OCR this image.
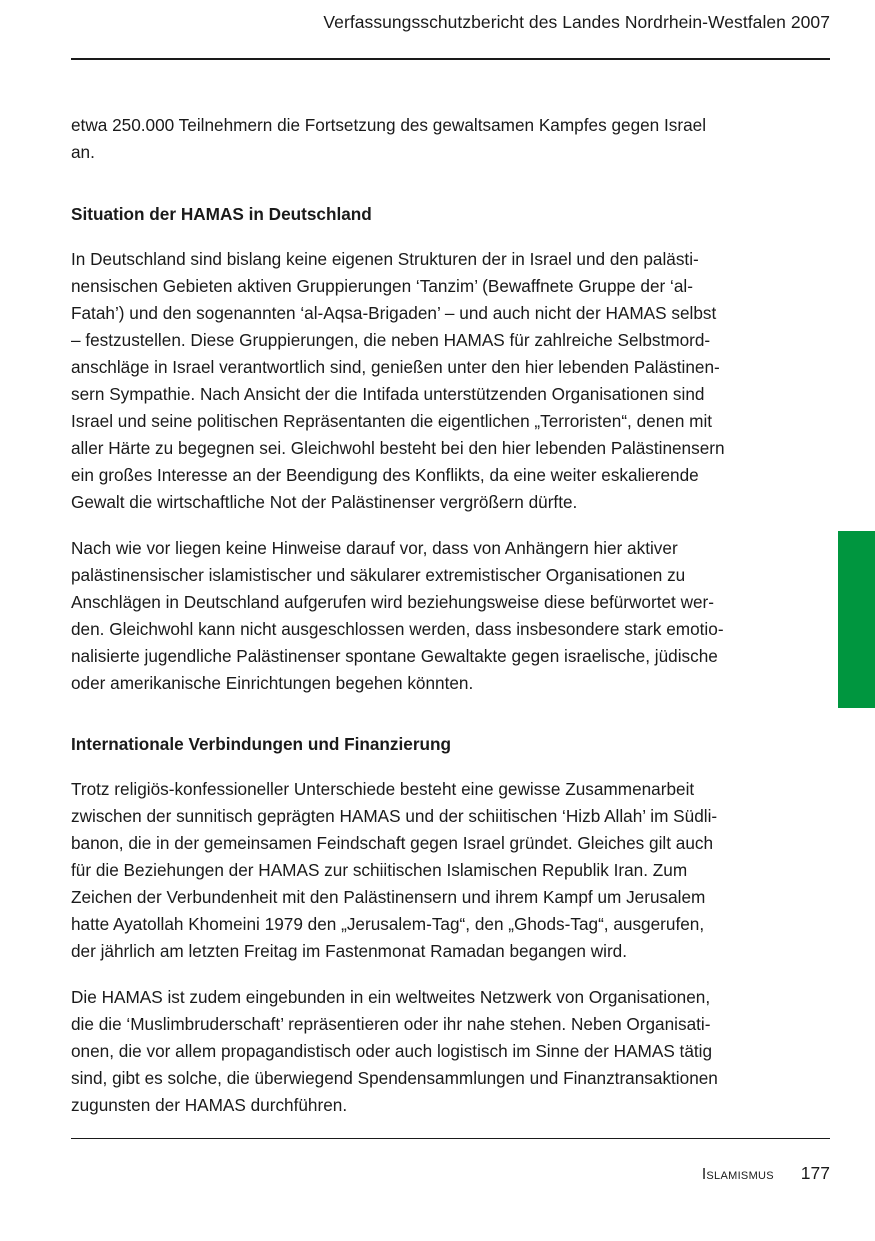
Verfassungsschutzbericht des Landes Nordrhein-Westfalen 2007
etwa 250.000 Teilnehmern die Fortsetzung des gewaltsamen Kampfes gegen Israel
an.
Situation der HAMAS in Deutschland
In Deutschland sind bislang keine eigenen Strukturen der in Israel und den palästi-
nensischen Gebieten aktiven Gruppierungen ‘Tanzim’ (Bewaffnete Gruppe der ‘al-
Fatah’) und den sogenannten ‘al-Aqsa-Brigaden’ – und auch nicht der HAMAS selbst
– festzustellen. Diese Gruppierungen, die neben HAMAS für zahlreiche Selbstmord-
anschläge in Israel verantwortlich sind, genießen unter den hier lebenden Palästinen-
sern Sympathie. Nach Ansicht der die Intifada unterstützenden Organisationen sind
Israel und seine politischen Repräsentanten die eigentlichen „Terroristen“, denen mit
aller Härte zu begegnen sei. Gleichwohl besteht bei den hier lebenden Palästinensern
ein großes Interesse an der Beendigung des Konflikts, da eine weiter eskalierende
Gewalt die wirtschaftliche Not der Palästinenser vergrößern dürfte.
Nach wie vor liegen keine Hinweise darauf vor, dass von Anhängern hier aktiver
palästinensischer islamistischer und säkularer extremistischer Organisationen zu
Anschlägen in Deutschland aufgerufen wird beziehungsweise diese befürwortet wer-
den. Gleichwohl kann nicht ausgeschlossen werden, dass insbesondere stark emotio-
nalisierte jugendliche Palästinenser spontane Gewaltakte gegen israelische, jüdische
oder amerikanische Einrichtungen begehen könnten.
Internationale Verbindungen und Finanzierung
Trotz religiös-konfessioneller Unterschiede besteht eine gewisse Zusammenarbeit
zwischen der sunnitisch geprägten HAMAS und der schiitischen ‘Hizb Allah’ im Südli-
banon, die in der gemeinsamen Feindschaft gegen Israel gründet. Gleiches gilt auch
für die Beziehungen der HAMAS zur schiitischen Islamischen Republik Iran. Zum
Zeichen der Verbundenheit mit den Palästinensern und ihrem Kampf um Jerusalem
hatte Ayatollah Khomeini 1979 den „Jerusalem-Tag“, den „Ghods-Tag“, ausgerufen,
der jährlich am letzten Freitag im Fastenmonat Ramadan begangen wird.
Die HAMAS ist zudem eingebunden in ein weltweites Netzwerk von Organisationen,
die die ‘Muslimbruderschaft’ repräsentieren oder ihr nahe stehen. Neben Organisati-
onen, die vor allem propagandistisch oder auch logistisch im Sinne der HAMAS tätig
sind, gibt es solche, die überwiegend Spendensammlungen und Finanztransaktionen
zugunsten der HAMAS durchführen.
Islamismus 177
